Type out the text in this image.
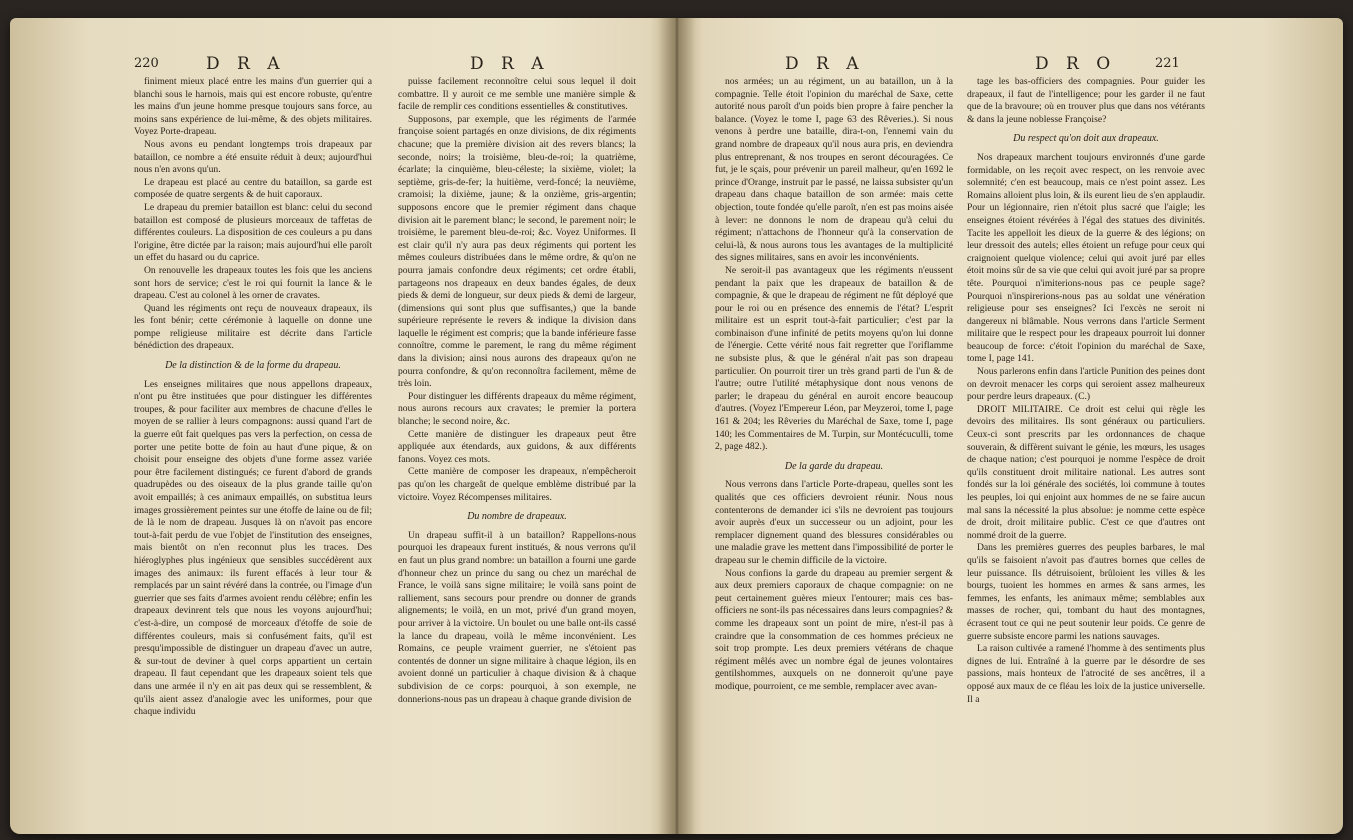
220	D R A	D R A

finiment mieux placé entre les mains d'un guerrier qui a blanchi sous le harnois, mais qui est encore robuste, qu'entre les mains d'un jeune homme presque toujours sans force, au moins sans expérience de lui-même, & des objets militaires. Voyez Porte-drapeau.

Nous avons eu pendant longtemps trois drapeaux par bataillon, ce nombre a été ensuite réduit à deux; aujourd'hui nous n'en avons qu'un.

Le drapeau est placé au centre du bataillon, sa garde est composée de quatre sergents & de huit caporaux.

Le drapeau du premier bataillon est blanc: celui du second bataillon est composé de plusieurs morceaux de taffetas de différentes couleurs. La disposition de ces couleurs a pu dans l'origine, être dictée par la raison; mais aujourd'hui elle paroît un effet du hasard ou du caprice.

On renouvelle les drapeaux toutes les fois que les anciens sont hors de service; c'est le roi qui fournit la lance & le drapeau. C'est au colonel à les orner de cravates.

Quand les régiments ont reçu de nouveaux drapeaux, ils les font bénir; cette cérémonie à laquelle on donne une pompe religieuse militaire est décrite dans l'article bénédiction des drapeaux.

De la distinction & de la forme du drapeau.

Les enseignes militaires que nous appellons drapeaux, n'ont pu être instituées que pour distinguer les différentes troupes, & pour faciliter aux membres de chacune d'elles le moyen de se rallier à leurs compagnons: aussi quand l'art de la guerre eût fait quelques pas vers la perfection, on cessa de porter une petite botte de foin au haut d'une pique, & on choisit pour enseigne des objets d'une forme assez variée pour être facilement distingués; ce furent d'abord de grands quadrupèdes ou des oiseaux de la plus grande taille qu'on avoit empaillés; à ces animaux empaillés, on substitua leurs images grossièrement peintes sur une étoffe de laine ou de fil; de là le nom de drapeau. Jusques là on n'avoit pas encore tout-à-fait perdu de vue l'objet de l'institution des enseignes, mais bientôt on n'en reconnut plus les traces. Des hiéroglyphes plus ingénieux que sensibles succédèrent aux images des animaux: ils furent effacés à leur tour & remplacés par un saint révéré dans la contrée, ou l'image d'un guerrier que ses faits d'armes avoient rendu célèbre; enfin les drapeaux devinrent tels que nous les voyons aujourd'hui; c'est-à-dire, un composé de morceaux d'étoffe de soie de différentes couleurs, mais si confusément faits, qu'il est presqu'impossible de distinguer un drapeau d'avec un autre, & sur-tout de deviner à quel corps appartient un certain drapeau. Il faut cependant que les drapeaux soient tels que dans une armée il n'y en ait pas deux qui se ressemblent, & qu'ils aient assez d'analogie avec les uniformes, pour que chaque individu

puisse facilement reconnoître celui sous lequel il doit combattre. Il y auroit ce me semble une manière simple & facile de remplir ces conditions essentielles & constitutives.

Supposons, par exemple, que les régiments de l'armée françoise soient partagés en onze divisions, de dix régiments chacune; que la première division ait des revers blancs; la seconde, noirs; la troisième, bleu-de-roi; la quatrième, écarlate; la cinquième, bleu-céleste; la sixième, violet; la septième, gris-de-fer; la huitième, verd-foncé; la neuvième, cramoisi; la dixième, jaune; & la onzième, gris-argentin; supposons encore que le premier régiment dans chaque division ait le parement blanc; le second, le parement noir; le troisième, le parement bleu-de-roi; &c. Voyez Uniformes. Il est clair qu'il n'y aura pas deux régiments qui portent les mêmes couleurs distribuées dans le même ordre, & qu'on ne pourra jamais confondre deux régiments; cet ordre établi, partageons nos drapeaux en deux bandes égales, de deux pieds & demi de longueur, sur deux pieds & demi de largeur, (dimensions qui sont plus que suffisantes,) que la bande supérieure représente le revers & indique la division dans laquelle le régiment est compris; que la bande inférieure fasse connoître, comme le parement, le rang du même régiment dans la division; ainsi nous aurons des drapeaux qu'on ne pourra confondre, & qu'on reconnoîtra facilement, même de très loin.

Pour distinguer les différents drapeaux du même régiment, nous aurons recours aux cravates; le premier la portera blanche; le second noire, &c.

Cette manière de distinguer les drapeaux peut être appliquée aux étendards, aux guidons, & aux différents fanons. Voyez ces mots.

Cette manière de composer les drapeaux, n'empêcheroit pas qu'on les chargeât de quelque emblème distribué par la victoire. Voyez Récompenses militaires.

Du nombre de drapeaux.

Un drapeau suffit-il à un bataillon? Rappellons-nous pourquoi les drapeaux furent institués, & nous verrons qu'il en faut un plus grand nombre: un bataillon a fourni une garde d'honneur chez un prince du sang ou chez un maréchal de France, le voilà sans signe militaire; le voilà sans point de ralliement, sans secours pour prendre ou donner de grands alignements; le voilà, en un mot, privé d'un grand moyen, pour arriver à la victoire. Un boulet ou une balle ont-ils cassé la lance du drapeau, voilà le même inconvénient. Les Romains, ce peuple vraiment guerrier, ne s'étoient pas contentés de donner un signe militaire à chaque légion, ils en avoient donné un particulier à chaque division & à chaque subdivision de ce corps: pourquoi, à son exemple, ne donnerions-nous pas un drapeau à chaque grande division de

D R A	D R O	221

nos armées; un au régiment, un au bataillon, un à la compagnie. Telle étoit l'opinion du maréchal de Saxe, cette autorité nous paroît d'un poids bien propre à faire pencher la balance. (Voyez le tome I, page 63 des Rêveries.). Si nous venons à perdre une bataille, dira-t-on, l'ennemi vain du grand nombre de drapeaux qu'il nous aura pris, en deviendra plus entreprenant, & nos troupes en seront découragées. Ce fut, je le sçais, pour prévenir un pareil malheur, qu'en 1692 le prince d'Orange, instruit par le passé, ne laissa subsister qu'un drapeau dans chaque bataillon de son armée: mais cette objection, toute fondée qu'elle paroît, n'en est pas moins aisée à lever: ne donnons le nom de drapeau qu'à celui du régiment; n'attachons de l'honneur qu'à la conservation de celui-là, & nous aurons tous les avantages de la multiplicité des signes militaires, sans en avoir les inconvénients.

Ne seroit-il pas avantageux que les régiments n'eussent pendant la paix que les drapeaux de bataillon & de compagnie, & que le drapeau de régiment ne fût déployé que pour le roi ou en présence des ennemis de l'état? L'esprit militaire est un esprit tout-à-fait particulier; c'est par la combinaison d'une infinité de petits moyens qu'on lui donne de l'énergie. Cette vérité nous fait regretter que l'oriflamme ne subsiste plus, & que le général n'ait pas son drapeau particulier. On pourroit tirer un très grand parti de l'un & de l'autre; outre l'utilité métaphysique dont nous venons de parler; le drapeau du général en auroit encore beaucoup d'autres. (Voyez l'Empereur Léon, par Meyzeroi, tome I, page 161 & 204; les Rêveries du Maréchal de Saxe, tome I, page 140; les Commentaires de M. Turpin, sur Montécuculli, tome 2, page 482.).

De la garde du drapeau.

Nous verrons dans l'article Porte-drapeau, quelles sont les qualités que ces officiers devroient réunir. Nous nous contenterons de demander ici s'ils ne devroient pas toujours avoir auprès d'eux un successeur ou un adjoint, pour les remplacer dignement quand des blessures considérables ou une maladie grave les mettent dans l'impossibilité de porter le drapeau sur le chemin difficile de la victoire.

Nous confions la garde du drapeau au premier sergent & aux deux premiers caporaux de chaque compagnie: on ne peut certainement guères mieux l'entourer; mais ces bas-officiers ne sont-ils pas nécessaires dans leurs compagnies? & comme les drapeaux sont un point de mire, n'est-il pas à craindre que la consommation de ces hommes précieux ne soit trop prompte. Les deux premiers vétérans de chaque régiment mêlés avec un nombre égal de jeunes volontaires gentilshommes, auxquels on ne donneroit qu'une paye modique, pourroient, ce me semble, remplacer avec avan-

tage les bas-officiers des compagnies. Pour guider les drapeaux, il faut de l'intelligence; pour les garder il ne faut que de la bravoure; où en trouver plus que dans nos vétérants & dans la jeune noblesse Françoise?

Du respect qu'on doit aux drapeaux.

Nos drapeaux marchent toujours environnés d'une garde formidable, on les reçoit avec respect, on les renvoie avec solemnité; c'en est beaucoup, mais ce n'est point assez. Les Romains alloient plus loin, & ils eurent lieu de s'en applaudir. Pour un légionnaire, rien n'étoit plus sacré que l'aigle; les enseignes étoient révérées à l'égal des statues des divinités. Tacite les appelloit les dieux de la guerre & des légions; on leur dressoit des autels; elles étoient un refuge pour ceux qui craignoient quelque violence; celui qui avoit juré par elles étoit moins sûr de sa vie que celui qui avoit juré par sa propre tête. Pourquoi n'imiterions-nous pas ce peuple sage? Pourquoi n'inspirerions-nous pas au soldat une vénération religieuse pour ses enseignes? Ici l'excès ne seroit ni dangereux ni blâmable. Nous verrons dans l'article Serment militaire que le respect pour les drapeaux pourroit lui donner beaucoup de force: c'étoit l'opinion du maréchal de Saxe, tome I, page 141.

Nous parlerons enfin dans l'article Punition des peines dont on devroit menacer les corps qui seroient assez malheureux pour perdre leurs drapeaux. (C.)

DROIT MILITAIRE. Ce droit est celui qui règle les devoirs des militaires. Ils sont généraux ou particuliers. Ceux-ci sont prescrits par les ordonnances de chaque souverain, & diffèrent suivant le génie, les mœurs, les usages de chaque nation; c'est pourquoi je nomme l'espèce de droit qu'ils constituent droit militaire national. Les autres sont fondés sur la loi générale des sociétés, loi commune à toutes les peuples, loi qui enjoint aux hommes de ne se faire aucun mal sans la nécessité la plus absolue: je nomme cette espèce de droit, droit militaire public. C'est ce que d'autres ont nommé droit de la guerre.

Dans les premières guerres des peuples barbares, le mal qu'ils se faisoient n'avoit pas d'autres bornes que celles de leur puissance. Ils détruisoient, brûloient les villes & les bourgs, tuoient les hommes en armes & sans armes, les femmes, les enfants, les animaux même; semblables aux masses de rocher, qui, tombant du haut des montagnes, écrasent tout ce qui ne peut soutenir leur poids. Ce genre de guerre subsiste encore parmi les nations sauvages.

La raison cultivée a ramené l'homme à des sentiments plus dignes de lui. Entraîné à la guerre par le désordre de ses passions, mais honteux de l'atrocité de ses ancêtres, il a opposé aux maux de ce fléau les loix de la justice universelle. Il a
